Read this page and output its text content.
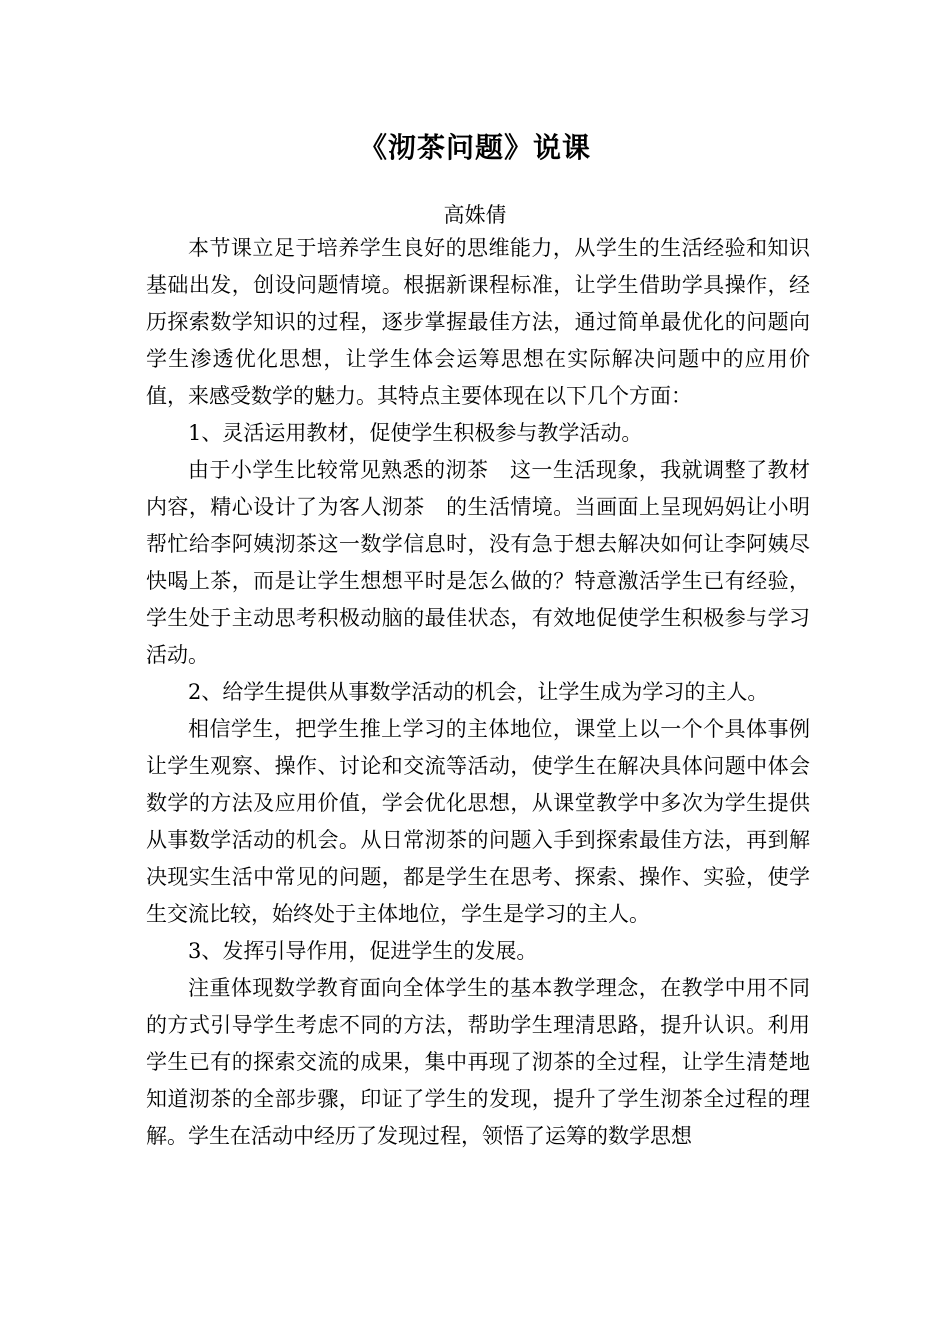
《沏茶问题》说课
高姝倩

本节课立足于培养学生良好的思维能力，从学生的生活经验和知识基础出发，创设问题情境。根据新课程标准，让学生借助学具操作，经历探索数学知识的过程，逐步掌握最佳方法，通过简单最优化的问题向学生渗透优化思想，让学生体会运筹思想在实际解决问题中的应用价值，来感受数学的魅力。其特点主要体现在以下几个方面：

1、灵活运用教材，促使学生积极参与教学活动。

由于小学生比较常见熟悉的沏茶　这一生活现象，我就调整了教材内容，精心设计了为客人沏茶　的生活情境。当画面上呈现妈妈让小明帮忙给李阿姨沏茶这一数学信息时，没有急于想去解决如何让李阿姨尽快喝上茶，而是让学生想想平时是怎么做的？特意激活学生已有经验，学生处于主动思考积极动脑的最佳状态，有效地促使学生积极参与学习活动。

2、给学生提供从事数学活动的机会，让学生成为学习的主人。

相信学生，把学生推上学习的主体地位，课堂上以一个个具体事例让学生观察、操作、讨论和交流等活动，使学生在解决具体问题中体会数学的方法及应用价值，学会优化思想，从课堂教学中多次为学生提供从事数学活动的机会。从日常沏茶的问题入手到探索最佳方法，再到解决现实生活中常见的问题，都是学生在思考、探索、操作、实验，使学生交流比较，始终处于主体地位，学生是学习的主人。

3、发挥引导作用，促进学生的发展。

注重体现数学教育面向全体学生的基本教学理念，在教学中用不同的方式引导学生考虑不同的方法，帮助学生理清思路，提升认识。利用学生已有的探索交流的成果，集中再现了沏茶的全过程，让学生清楚地知道沏茶的全部步骤，印证了学生的发现，提升了学生沏茶全过程的理解。学生在活动中经历了发现过程，领悟了运筹的数学思想
